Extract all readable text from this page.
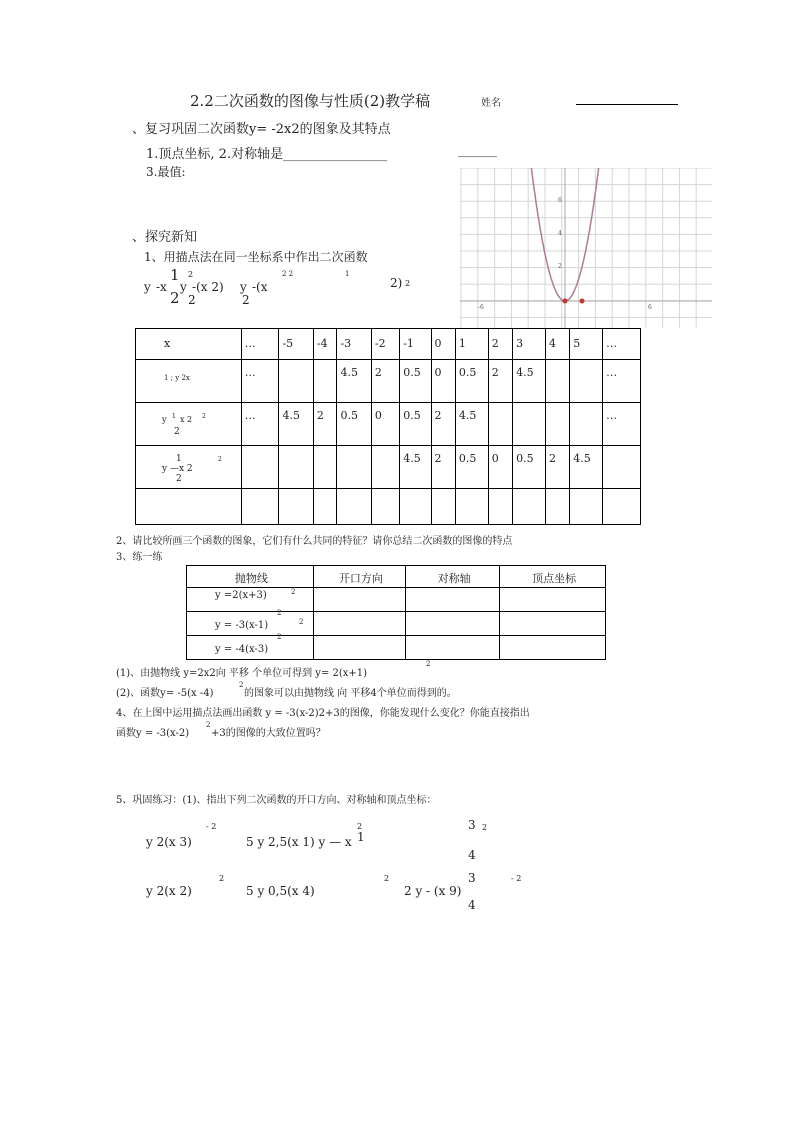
2.2二次函数的图像与性质(2)教学稿	姓名
、复习巩固二次函数y= -2x2的图象及其特点
1.顶点坐标, 2.对称轴是________________	______
3.最值:
、探究新知
1、用描点法在同一坐标系中作出二次函数
y -x
1
2
y
2
-(x 2)
2
y -(x
2
2 2	1
2) 2
6
4
2
-6	6
x	…	-5	-4	-3	-2	-1	0	1	2	3	4	5	…

1 ; y 2x	…			4.5	2	0.5	0	0.5	2	4.5			…

y 1 x 2 2
2	…	4.5	2	0.5	0	0.5	2	4.5					…

1
y —x 2
2
2						4.5	2	0.5	0	0.5	2	4.5	

2、请比较所画三个函数的图象，它们有什么共同的特征？请你总结二次函数的图像的特点
3、练一练
抛物线	开口方向	对称轴	顶点坐标

y =2(x+3) 2			

y = -3(x-1) 2
2			

y = -4(x-3)
2			

(1)、由抛物线 y=2x2向 平移 个单位可得到 y= 2(x+1)
2
(2)、函数y= -5(x -4)
2
的图象可以由抛物线 向 平移4个单位而得到的。
4、在上图中运用描点法画出函数 y = -3(x-2)2+3的图像，你能发现什么变化？你能直接指出
函数y = -3(x-2)
2
+3的图像的大致位置吗？
5、巩固练习：(1)、指出下列二次函数的开口方向、对称轴和顶点坐标：
y 2(x 3)
- 2
5 y 2,5(x 1) y — x 1
2	3 2
4
y 2(x 2)
2
5 y 0,5(x 4)
2
2 y - (x 9)
3
4
- 2
